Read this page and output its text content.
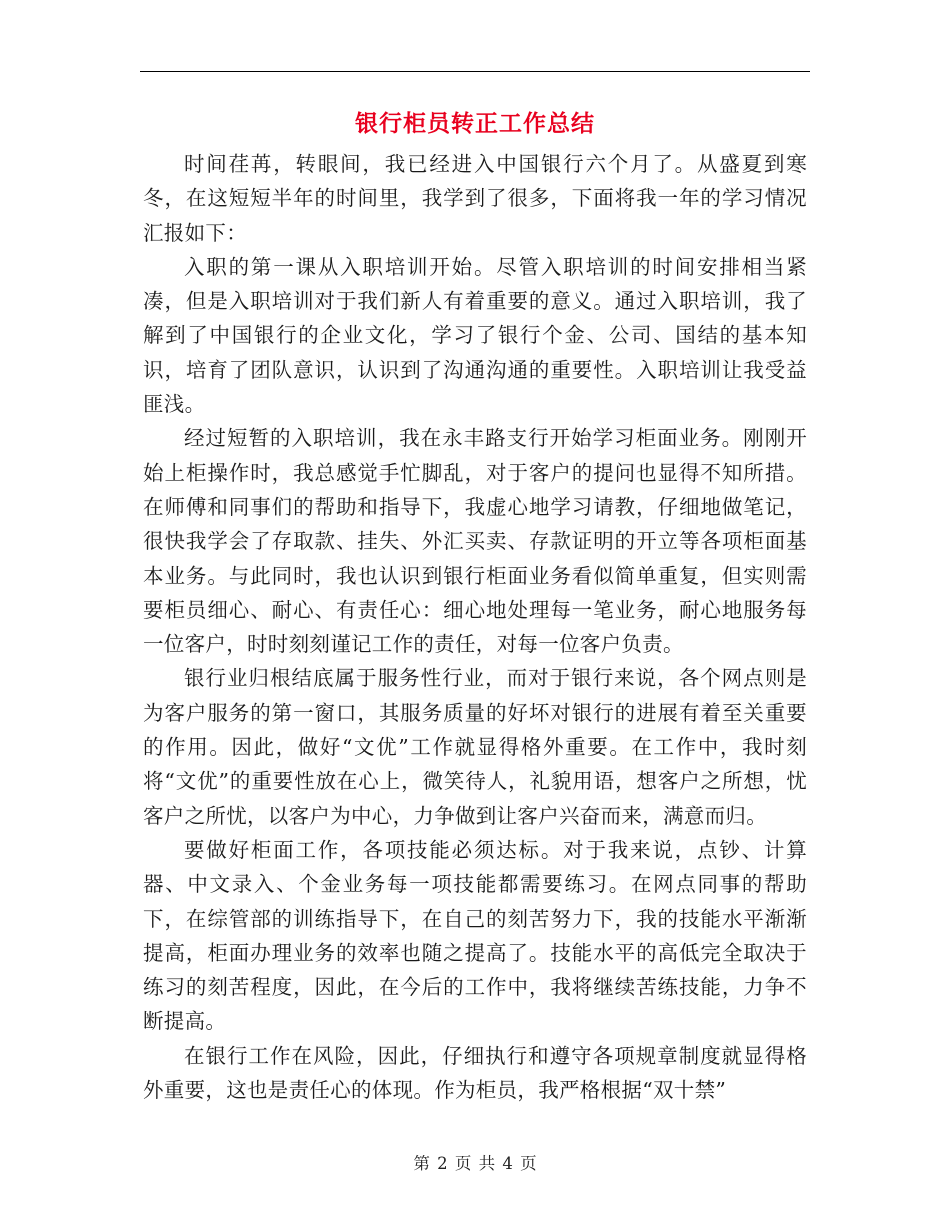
银行柜员转正工作总结

时间荏苒，转眼间，我已经进入中国银行六个月了。从盛夏到寒冬，在这短短半年的时间里，我学到了很多，下面将我一年的学习情况汇报如下：

入职的第一课从入职培训开始。尽管入职培训的时间安排相当紧凑，但是入职培训对于我们新人有着重要的意义。通过入职培训，我了解到了中国银行的企业文化，学习了银行个金、公司、国结的基本知识，培育了团队意识，认识到了沟通沟通的重要性。入职培训让我受益匪浅。

经过短暂的入职培训，我在永丰路支行开始学习柜面业务。刚刚开始上柜操作时，我总感觉手忙脚乱，对于客户的提问也显得不知所措。在师傅和同事们的帮助和指导下，我虚心地学习请教，仔细地做笔记，很快我学会了存取款、挂失、外汇买卖、存款证明的开立等各项柜面基本业务。与此同时，我也认识到银行柜面业务看似简单重复，但实则需要柜员细心、耐心、有责任心：细心地处理每一笔业务，耐心地服务每一位客户，时时刻刻谨记工作的责任，对每一位客户负责。

银行业归根结底属于服务性行业，而对于银行来说，各个网点则是为客户服务的第一窗口，其服务质量的好坏对银行的进展有着至关重要的作用。因此，做好“文优”工作就显得格外重要。在工作中，我时刻将“文优”的重要性放在心上，微笑待人，礼貌用语，想客户之所想，忧客户之所忧，以客户为中心，力争做到让客户兴奋而来，满意而归。

要做好柜面工作，各项技能必须达标。对于我来说，点钞、计算器、中文录入、个金业务每一项技能都需要练习。在网点同事的帮助下，在综管部的训练指导下，在自己的刻苦努力下，我的技能水平渐渐提高，柜面办理业务的效率也随之提高了。技能水平的高低完全取决于练习的刻苦程度，因此，在今后的工作中，我将继续苦练技能，力争不断提高。

在银行工作在风险，因此，仔细执行和遵守各项规章制度就显得格外重要，这也是责任心的体现。作为柜员，我严格根据“双十禁”

第 2 页 共 4 页
